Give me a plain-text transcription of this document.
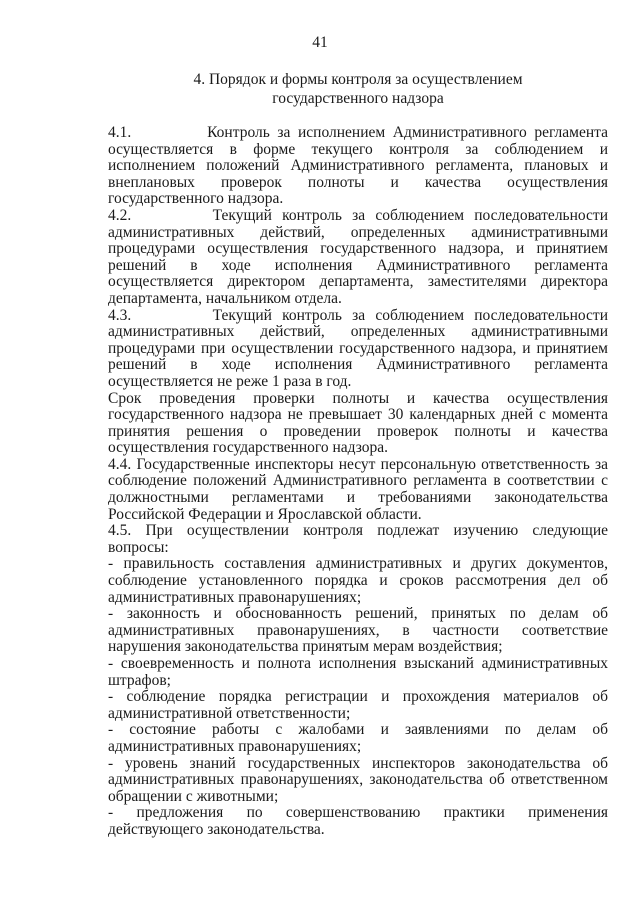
41
4. Порядок и формы контроля за осуществлением
государственного надзора

4.1.          Контроль за исполнением Административного регламента осуществляется в форме текущего контроля за соблюдением и исполнением положений Административного регламента, плановых и внеплановых проверок полноты и качества осуществления государственного надзора.

4.2.        Текущий контроль за соблюдением последовательности административных действий, определенных административными процедурами осуществления государственного надзора, и принятием решений в ходе исполнения Административного регламента осуществляется директором департамента, заместителями директора департамента, начальником отдела.

4.3.        Текущий контроль за соблюдением последовательности административных действий, определенных административными процедурами при осуществлении государственного надзора, и принятием решений в ходе исполнения Административного регламента осуществляется не реже 1 раза в год.

Срок проведения проверки полноты и качества осуществления государственного надзора не превышает 30 календарных дней с момента принятия решения о проведении проверок полноты и качества осуществления государственного надзора.

4.4. Государственные инспекторы несут персональную ответственность за соблюдение положений Административного регламента в соответствии с должностными регламентами и требованиями законодательства Российской Федерации и Ярославской области.

4.5. При осуществлении контроля подлежат изучению следующие вопросы:

- правильность составления административных и других документов, соблюдение установленного порядка и сроков рассмотрения дел об административных правонарушениях;

- законность и обоснованность решений, принятых по делам об административных правонарушениях, в частности соответствие нарушения законодательства принятым мерам воздействия;

- своевременность и полнота исполнения взысканий административных штрафов;

- соблюдение порядка регистрации и прохождения материалов об административной ответственности;

- состояние работы с жалобами и заявлениями по делам об административных правонарушениях;

- уровень знаний государственных инспекторов законодательства об административных правонарушениях, законодательства об ответственном обращении с животными;

- предложения по совершенствованию практики применения действующего законодательства.
